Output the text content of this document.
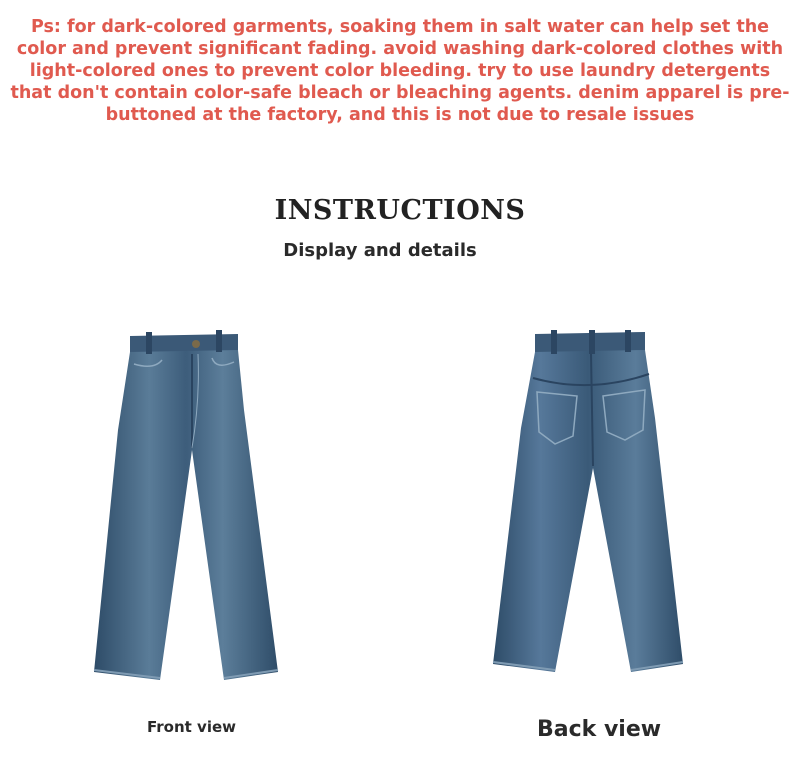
Ps: for dark-colored garments, soaking them in salt water can help set the color and prevent significant fading. avoid washing dark-colored clothes with light-colored ones to prevent color bleeding. try to use laundry detergents that don't contain color-safe bleach or bleaching agents. denim apparel is pre-buttoned at the factory, and this is not due to resale issues

INSTRUCTIONS
Display and details

Front view	Back view
